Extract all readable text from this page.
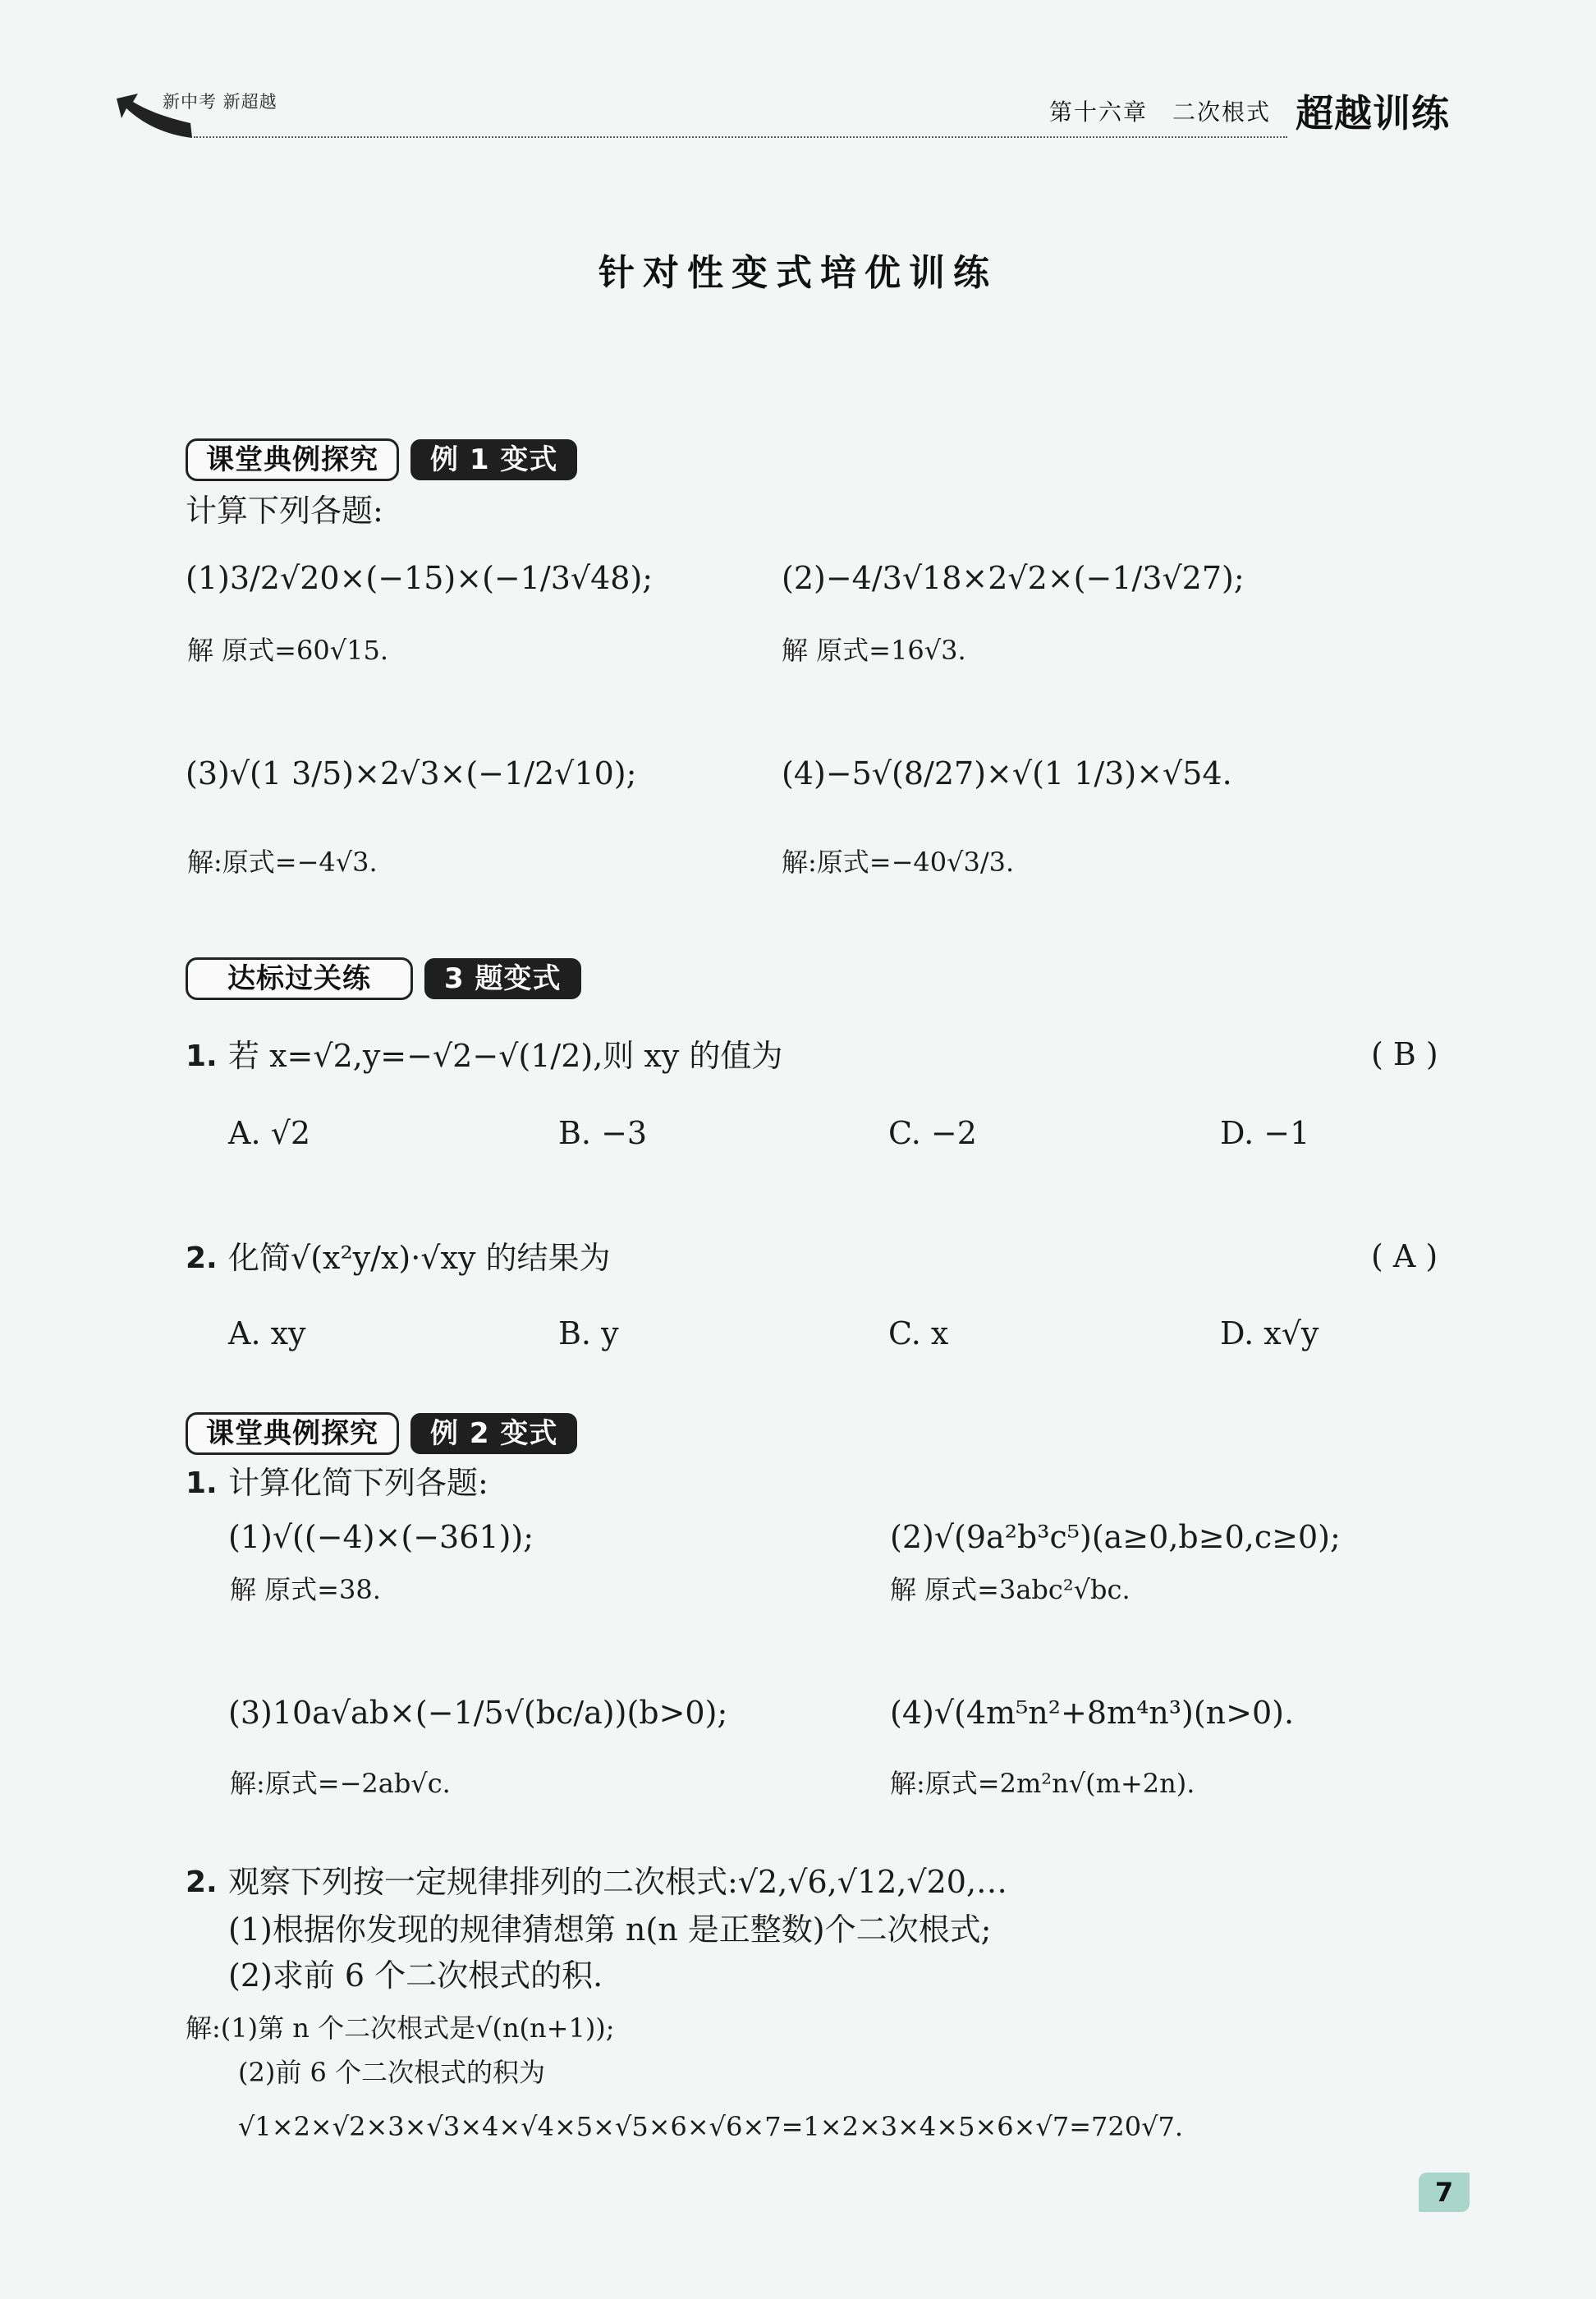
新中考 新超越	第十六章　二次根式 超越训练
针对性变式培优训练
课堂典例探究	例 1 变式
计算下列各题:
(1)3/2√20×(−15)×(−1/3√48);
解 原式=60√15.
(2)−4/3√18×2√2×(−1/3√27);
解 原式=16√3.
(3)√(1 3/5)×2√3×(−1/2√10);
解:原式=−4√3.
(4)−5√(8/27)×√(1 1/3)×√54.
解:原式=−40√3/3.
达标过关练	3 题变式
1. 若 x=√2,y=−√2−√(1/2),则 xy 的值为	( B )
A. √2	B. −3	C. −2	D. −1
2. 化简√(x²y/x)·√xy 的结果为	( A )
A. xy	B. y	C. x	D. x√y
课堂典例探究	例 2 变式
1. 计算化简下列各题:
(1)√((−4)×(−361));
解 原式=38.
(2)√(9a²b³c⁵)(a≥0,b≥0,c≥0);
解 原式=3abc²√bc.
(3)10a√ab×(−1/5√(bc/a))(b>0);
解:原式=−2ab√c.
(4)√(4m⁵n²+8m⁴n³)(n>0).
解:原式=2m²n√(m+2n).
2. 观察下列按一定规律排列的二次根式:√2,√6,√12,√20,…
(1)根据你发现的规律猜想第 n(n 是正整数)个二次根式;
(2)求前 6 个二次根式的积.
解:(1)第 n 个二次根式是√(n(n+1));
(2)前 6 个二次根式的积为
√1×2×√2×3×√3×4×√4×5×√5×6×√6×7=1×2×3×4×5×6×√7=720√7.
7
